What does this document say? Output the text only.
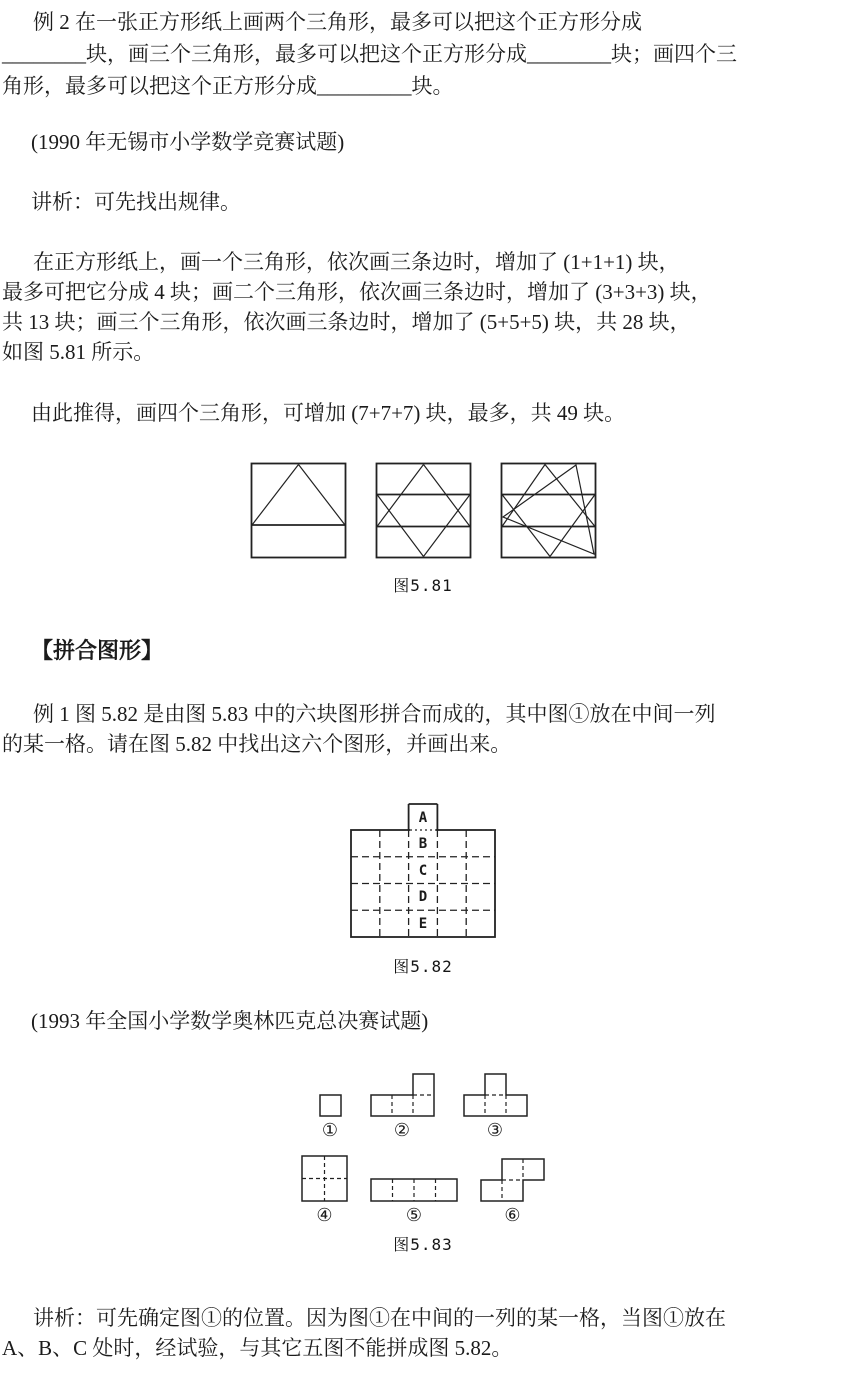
例 2 在一张正方形纸上画两个三角形，最多可以把这个正方形分成
________块，画三个三角形，最多可以把这个正方形分成________块；画四个三
角形，最多可以把这个正方形分成_________块。
(1990 年无锡市小学数学竞赛试题)
讲析：可先找出规律。
在正方形纸上，画一个三角形，依次画三条边时，增加了 (1+1+1) 块，
最多可把它分成 4 块；画二个三角形，依次画三条边时，增加了 (3+3+3) 块，
共 13 块；画三个三角形，依次画三条边时，增加了 (5+5+5) 块，共 28 块，
如图 5.81 所示。
由此推得，画四个三角形，可增加 (7+7+7) 块，最多，共 49 块。
图5.81
【拼合图形】
例 1 图 5.82 是由图 5.83 中的六块图形拼合而成的，其中图①放在中间一列
的某一格。请在图 5.82 中找出这六个图形，并画出来。
A
B
C
D
E
图5.82
(1993 年全国小学数学奥林匹克总决赛试题)
①	②	③
④	⑤	⑥
图5.83
讲析：可先确定图①的位置。因为图①在中间的一列的某一格，当图①放在
A、B、C 处时，经试验，与其它五图不能拼成图 5.82。
